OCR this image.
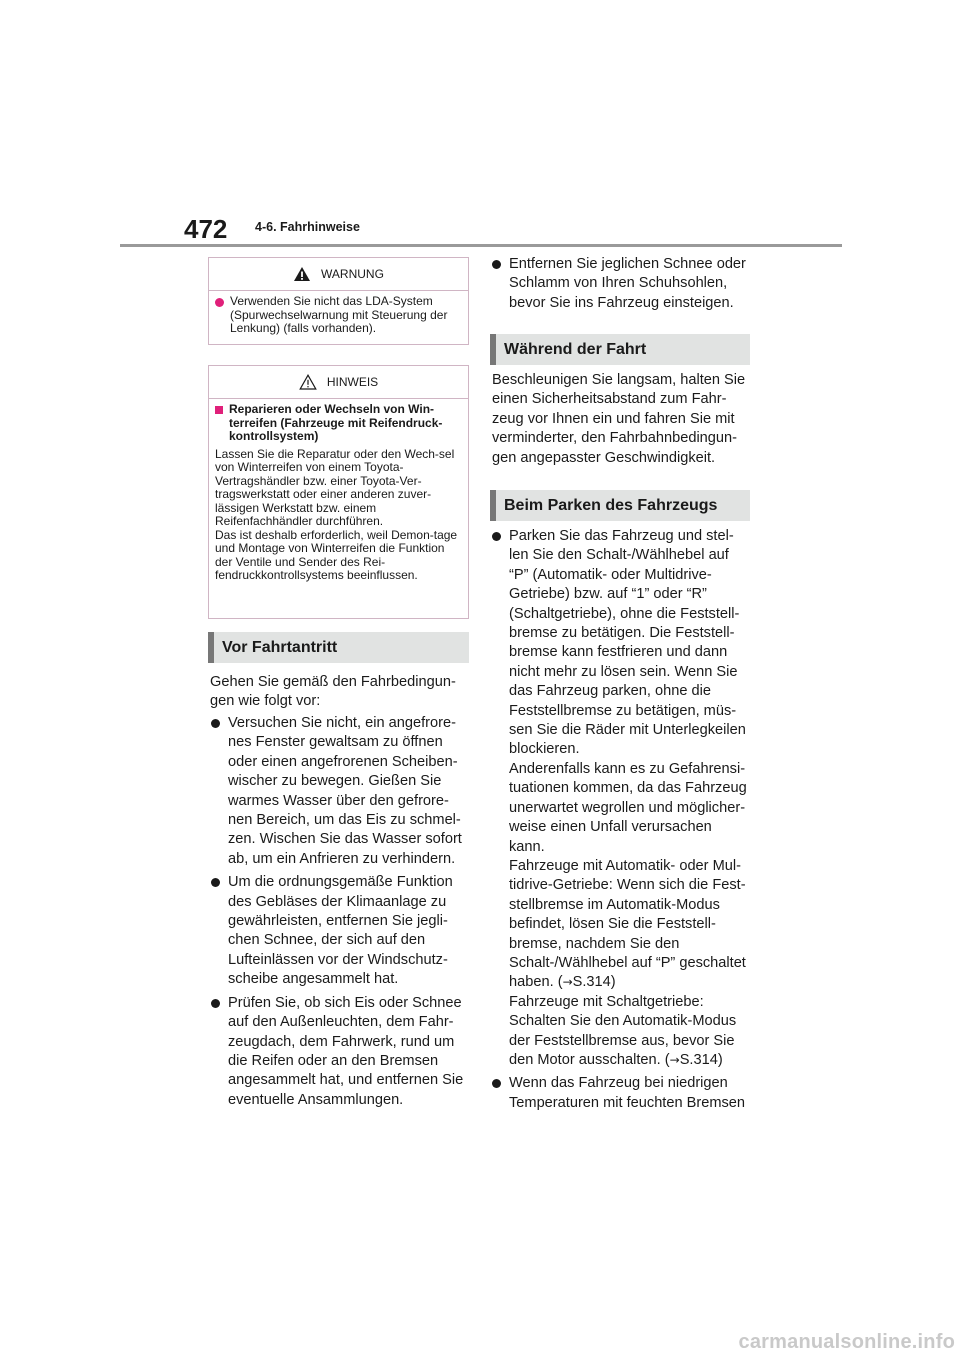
472 4-6. Fahrhinweise
WARNUNG
Verwenden Sie nicht das LDA-System (Spurwechselwarnung mit Steuerung der Lenkung) (falls vorhanden).
HINWEIS
Reparieren oder Wechseln von Win-terreifen (Fahrzeuge mit Reifendruck-kontrollsystem)
Lassen Sie die Reparatur oder den Wech-sel von Winterreifen von einem Toyota-Vertragshändler bzw. einer Toyota-Ver-tragswerkstatt oder einer anderen zuver-lässigen Werkstatt bzw. einem Reifenfachhändler durchführen.
Das ist deshalb erforderlich, weil Demon-tage und Montage von Winterreifen die Funktion der Ventile und Sender des Rei-fendruckkontrollsystems beeinflussen.
Vor Fahrtantritt
Gehen Sie gemäß den Fahrbedingun-gen wie folgt vor:
Versuchen Sie nicht, ein angefrore-nes Fenster gewaltsam zu öffnen oder einen angefrorenen Scheiben-wischer zu bewegen. Gießen Sie warmes Wasser über den gefrore-nen Bereich, um das Eis zu schmel-zen. Wischen Sie das Wasser sofort ab, um ein Anfrieren zu verhindern.
Um die ordnungsgemäße Funktion des Gebläses der Klimaanlage zu gewährleisten, entfernen Sie jegli-chen Schnee, der sich auf den Lufteinlässen vor der Windschutz-scheibe angesammelt hat.
Prüfen Sie, ob sich Eis oder Schnee auf den Außenleuchten, dem Fahr-zeugdach, dem Fahrwerk, rund um die Reifen oder an den Bremsen angesammelt hat, und entfernen Sie eventuelle Ansammlungen.
Entfernen Sie jeglichen Schnee oder Schlamm von Ihren Schuhsohlen, bevor Sie ins Fahrzeug einsteigen.
Während der Fahrt
Beschleunigen Sie langsam, halten Sie einen Sicherheitsabstand zum Fahr-zeug vor Ihnen ein und fahren Sie mit verminderter, den Fahrbahnbedingun-gen angepasster Geschwindigkeit.
Beim Parken des Fahrzeugs
Parken Sie das Fahrzeug und stel-len Sie den Schalt-/Wählhebel auf “P” (Automatik- oder Multidrive-Getriebe) bzw. auf “1” oder “R” (Schaltgetriebe), ohne die Feststell-bremse zu betätigen. Die Feststell-bremse kann festfrieren und dann nicht mehr zu lösen sein. Wenn Sie das Fahrzeug parken, ohne die Feststellbremse zu betätigen, müs-sen Sie die Räder mit Unterlegkeilen blockieren.
Anderenfalls kann es zu Gefahrensi-tuationen kommen, da das Fahrzeug unerwartet wegrollen und möglicher-weise einen Unfall verursachen kann.
Fahrzeuge mit Automatik- oder Mul-tidrive-Getriebe: Wenn sich die Fest-stellbremse im Automatik-Modus befindet, lösen Sie die Feststell-bremse, nachdem Sie den Schalt-/Wählhebel auf “P” geschaltet haben. (→S.314)
Fahrzeuge mit Schaltgetriebe: Schalten Sie den Automatik-Modus der Feststellbremse aus, bevor Sie den Motor ausschalten. (→S.314)
Wenn das Fahrzeug bei niedrigen Temperaturen mit feuchten Bremsen
carmanualsonline.info
